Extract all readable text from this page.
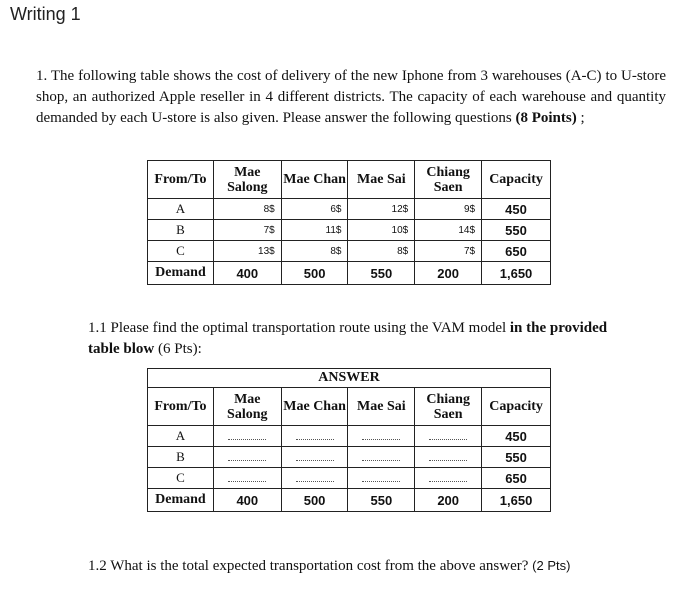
Writing 1
1. The following table shows the cost of delivery of the new Iphone from 3 warehouses (A-C) to U-store shop, an authorized Apple reseller in 4 different districts. The capacity of each warehouse and quantity demanded by each U-store is also given. Please answer the following questions (8 Points) ;
From/To	Mae Salong	Mae Chan	Mae Sai	Chiang Saen	Capacity
A	8$	6$	12$	9$	450
B	7$	11$	10$	14$	550
C	13$	8$	8$	7$	650
Demand	400	500	550	200	1,650
1.1 Please find the optimal transportation route using the VAM model in the provided table blow (6 Pts):
ANSWER					
From/To	Mae Salong	Mae Chan	Mae Sai	Chiang Saen	Capacity
A					450
B					550
C					650
Demand	400	500	550	200	1,650
1.2 What is the total expected transportation cost from the above answer? (2 Pts)
